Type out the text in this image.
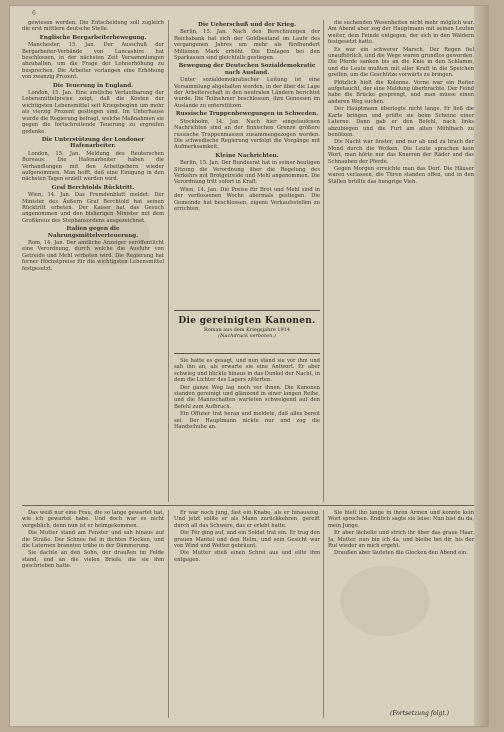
6

gewiesen werden. Die Entscheidung soll zugleich die erst mittlere deutsche Stelle.

Englische Bergarbeiterbewegung.

Manchester, 15. Jan. Der Ausschuß der Bergarbeiter-Verbände von Lancashire hat beschlossen, in der nächsten Zeit Versammlungen abzuhalten, um die Frage der Lohnerhöhung zu besprechen. Die Arbeiter verlangen eine Erhöhung von zwanzig Prozent.

Die Teuerung in England.

London, 15. Jan. Eine amtliche Verlautbarung der Lebensmittelpreise zeigt, daß die Kosten der wichtigsten Lebensmittel seit Kriegsbeginn um mehr als vierzig Prozent gestiegen sind. Im Unterhause wurde die Regierung befragt, welche Maßnahmen sie gegen die fortschreitende Teuerung zu ergreifen gedenke.

Die Unterstützung der Londoner Hafenarbeiter.

London, 15. Jan. Meldung des Reuterschen Bureaus: Die Hafenarbeiter haben die Verhandlungen mit den Arbeitgebern wieder aufgenommen. Man hofft, daß eine Einigung in den nächsten Tagen erzielt werden wird.

Graf Berchtolds Rücktritt.

Wien, 14. Jan. Das Fremdenblatt meldet: Der Minister des Äußern Graf Berchtold hat seinen Rücktritt erbeten. Der Kaiser hat das Gesuch angenommen und den bisherigen Minister mit dem Großkreuz des Stephansordens ausgezeichnet.

Italien gegen die Nahrungsmittelverteuerung.

Rom, 14. Jan. Der amtliche Anzeiger veröffentlicht eine Verordnung, durch welche die Ausfuhr von Getreide und Mehl verboten wird. Die Regierung hat ferner Höchstpreise für die wichtigsten Lebensmittel festgesetzt.

Die Ueberschuß und der Krieg.

Berlin, 15. Jan. Nach den Berechnungen der Reichsbank hat sich der Goldbestand im Laufe des vergangenen Jahres um mehr als fünfhundert Millionen Mark erhöht. Die Einlagen bei den Sparkassen sind gleichfalls gestiegen.

Bewegung der Deutschen Sozialdemokratie nach Ausland.

Unter sozialdemokratischer Leitung ist eine Versammlung abgehalten worden, in der über die Lage der Arbeiterschaft in den neutralen Ländern berichtet wurde. Die Teilnehmer beschlossen, ihre Genossen im Auslande zu unterstützen.

Russische Truppenbewegungen in Schweden.

Stockholm, 14. Jan. Nach hier eingelaufenen Nachrichten sind an der finnischen Grenze größere russische Truppenmassen zusammengezogen worden. Die schwedische Regierung verfolgt die Vorgänge mit Aufmerksamkeit.

Kleine Nachrichten.

Berlin, 15. Jan. Der Bundesrat hat in seiner heutigen Sitzung die Verordnung über die Regelung des Verkehrs mit Brotgetreide und Mehl angenommen. Die Verordnung tritt sofort in Kraft.

Wien, 14. Jan. Die Preise für Brot und Mehl sind in der verflossenen Woche abermals gestiegen. Die Gemeinde hat beschlossen, eigene Verkaufsstellen zu errichten.

Die gereinigten Kanonen.
Roman aus dem Kriegsjahre 1914
(Nachdruck verboten.)

Sie hatte es gesagt, und nun stand sie vor ihm und sah ihn an, als erwarte sie eine Antwort. Er aber schwieg und blickte hinaus in das Dunkel der Nacht, in dem die Lichter des Lagers zitterten.

Der ganze Weg lag noch vor ihnen. Die Kanonen standen gereinigt und glänzend in einer langen Reihe, und die Mannschaften warteten schweigend auf den Befehl zum Aufbruch.

Ein Offizier trat heran und meldete, daß alles bereit sei. Der Hauptmann nickte nur und zog die Handschuhe an.

die suchenden Wesenheiten nicht mehr möglich war. Am Abend aber zog der Hauptmann mit seinen Leuten weiter, dem Feinde entgegen, der sich in den Wäldern festgesetzt hatte.

Es war ein schwerer Marsch. Der Regen fiel unaufhörlich, und die Wege waren grundlos geworden. Die Pferde sanken bis an die Knie in den Schlamm, und die Leute mußten mit aller Kraft in die Speichen greifen, um die Geschütze vorwärts zu bringen.

Plötzlich hielt die Kolonne. Vorne war ein Reiter aufgetaucht, der eine Meldung überbrachte. Der Feind habe die Brücke gesprengt, und man müsse einen anderen Weg suchen.

Der Hauptmann überlegte nicht lange. Er ließ die Karte bringen und prüfte sie beim Scheine einer Laterne. Dann gab er den Befehl, nach links abzubiegen und die Furt am alten Mühlbach zu benützen.

Die Nacht war finster, und nur ab und zu brach der Mond durch die Wolken. Die Leute sprachen kein Wort, man hörte nur das Knarren der Räder und das Schnauben der Pferde.

Gegen Morgen erreichte man das Dorf. Die Häuser waren verlassen, die Türen standen offen, und in den Ställen brüllte das hungrige Vieh.

Das weiß nur eine Frau, die so lange gewartet hat, wie ich gewartet habe. Und doch war es nicht vergeblich, denn nun ist er heimgekommen.

Die Mutter stand am Fenster und sah hinaus auf die Straße. Der Schnee fiel in dichten Flocken, und die Laternen brannten trübe in der Dämmerung.

Sie dachte an den Sohn, der draußen im Felde stand, und an die vielen Briefe, die sie ihm geschrieben hatte.

Er war noch jung, fast ein Knabe, als er hinauszog. Und jetzt sollte er als Mann zurückkehren, gereift durch all das Schwere, das er erlebt hatte.

Die Tür ging auf, und ein Soldat trat ein. Er trug den grauen Mantel und den Helm, und sein Gesicht war von Wind und Wetter gebräunt.

Die Mutter stieß einen Schrei aus und eilte ihm entgegen.

Sie hielt ihn lange in ihren Armen und konnte kein Wort sprechen. Endlich sagte sie leise: Nun bist du da, mein Junge.

Er aber lächelte und strich ihr über das graue Haar. Ja, Mutter, nun bin ich da, und bleibe bei dir, bis der Ruf wieder an mich ergeht.

Draußen aber läuteten die Glocken den Abend ein.

(Fortsetzung folgt.)
